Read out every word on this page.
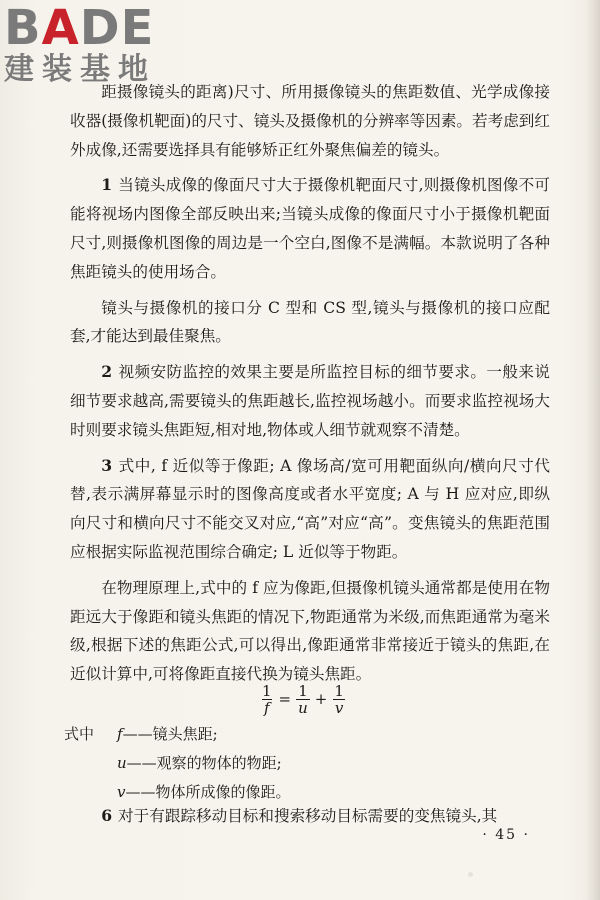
BADE
建装基地

距摄像镜头的距离)尺寸、所用摄像镜头的焦距数值、光学成像接收器(摄像机靶面)的尺寸、镜头及摄像机的分辨率等因素。若考虑到红外成像,还需要选择具有能够矫正红外聚焦偏差的镜头。

1 当镜头成像的像面尺寸大于摄像机靶面尺寸,则摄像机图像不可能将视场内图像全部反映出来;当镜头成像的像面尺寸小于摄像机靶面尺寸,则摄像机图像的周边是一个空白,图像不是满幅。本款说明了各种焦距镜头的使用场合。

镜头与摄像机的接口分 C 型和 CS 型,镜头与摄像机的接口应配套,才能达到最佳聚焦。

2 视频安防监控的效果主要是所监控目标的细节要求。一般来说细节要求越高,需要镜头的焦距越长,监控视场越小。而要求监控视场大时则要求镜头焦距短,相对地,物体或人细节就观察不清楚。

3 式中, f 近似等于像距; A 像场高/宽可用靶面纵向/横向尺寸代替,表示满屏幕显示时的图像高度或者水平宽度; A 与 H 应对应,即纵向尺寸和横向尺寸不能交叉对应,“高”对应“高”。变焦镜头的焦距范围应根据实际监视范围综合确定; L 近似等于物距。

在物理原理上,式中的 f 应为像距,但摄像机镜头通常都是使用在物距远大于像距和镜头焦距的情况下,物距通常为米级,而焦距通常为毫米级,根据下述的焦距公式,可以得出,像距通常非常接近于镜头的焦距,在近似计算中,可将像距直接代换为镜头焦距。

$\frac{1}{f} = \frac{1}{u} + \frac{1}{v}$
式中	f ——镜头焦距;
u ——观察的物体的物距;
v ——物体所成像的像距。

6 对于有跟踪移动目标和搜索移动目标需要的变焦镜头,其

· 45 ·
